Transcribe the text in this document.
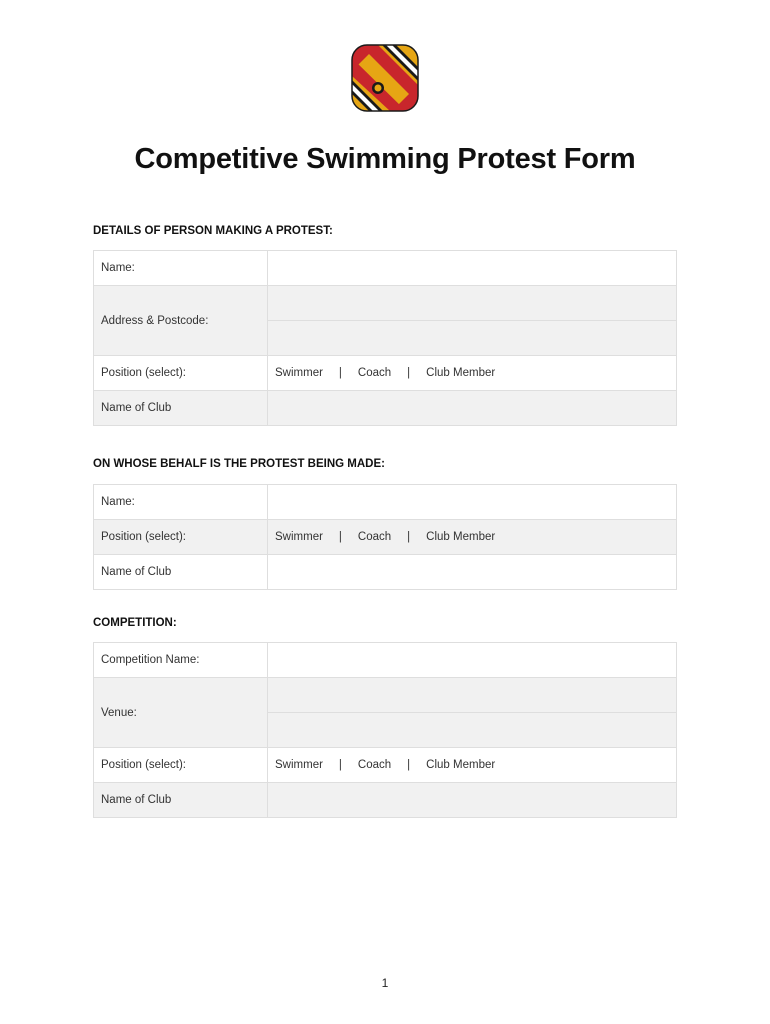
Competitive Swimming Protest Form
DETAILS OF PERSON MAKING A PROTEST:
Name:	
Address & Postcode:	

Position (select):	Swimmer | Coach | Club Member
Name of Club	
ON WHOSE BEHALF IS THE PROTEST BEING MADE:
Name:	
Position (select):	Swimmer | Coach | Club Member
Name of Club	
COMPETITION:
Competition Name:	
Venue:	

Position (select):	Swimmer | Coach | Club Member
Name of Club	
1
